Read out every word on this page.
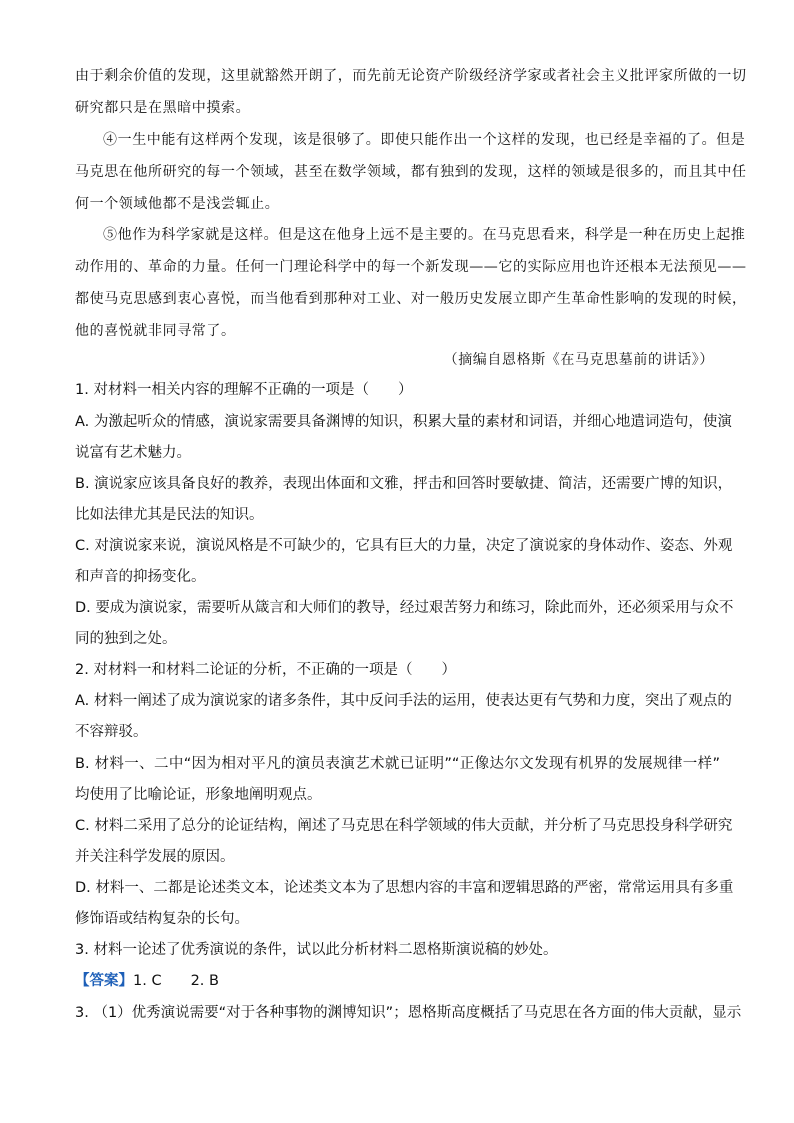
由于剩余价值的发现，这里就豁然开朗了，而先前无论资产阶级经济学家或者社会主义批评家所做的一切
研究都只是在黑暗中摸索。
④一生中能有这样两个发现，该是很够了。即使只能作出一个这样的发现，也已经是幸福的了。但是
马克思在他所研究的每一个领域，甚至在数学领域，都有独到的发现，这样的领域是很多的，而且其中任
何一个领域他都不是浅尝辄止。
⑤他作为科学家就是这样。但是这在他身上远不是主要的。在马克思看来，科学是一种在历史上起推
动作用的、革命的力量。任何一门理论科学中的每一个新发现——它的实际应用也许还根本无法预见——
都使马克思感到衷心喜悦，而当他看到那种对工业、对一般历史发展立即产生革命性影响的发现的时候，
他的喜悦就非同寻常了。
（摘编自恩格斯《在马克思墓前的讲话》）
1. 对材料一相关内容的理解不正确的一项是（　　）
A. 为激起听众的情感，演说家需要具备渊博的知识，积累大量的素材和词语，并细心地遣词造句，使演
说富有艺术魅力。
B. 演说家应该具备良好的教养，表现出体面和文雅，抨击和回答时要敏捷、简洁，还需要广博的知识，
比如法律尤其是民法的知识。
C. 对演说家来说，演说风格是不可缺少的，它具有巨大的力量，决定了演说家的身体动作、姿态、外观
和声音的抑扬变化。
D. 要成为演说家，需要听从箴言和大师们的教导，经过艰苦努力和练习，除此而外，还必须采用与众不
同的独到之处。
2. 对材料一和材料二论证的分析，不正确的一项是（　　）
A. 材料一阐述了成为演说家的诸多条件，其中反问手法的运用，使表达更有气势和力度，突出了观点的
不容辩驳。
B. 材料一、二中“因为相对平凡的演员表演艺术就已证明”“正像达尔文发现有机界的发展规律一样”
均使用了比喻论证，形象地阐明观点。
C. 材料二采用了总分的论证结构，阐述了马克思在科学领域的伟大贡献，并分析了马克思投身科学研究
并关注科学发展的原因。
D. 材料一、二都是论述类文本，论述类文本为了思想内容的丰富和逻辑思路的严密，常常运用具有多重
修饰语或结构复杂的长句。
3. 材料一论述了优秀演说的条件，试以此分析材料二恩格斯演说稿的妙处。
【答案】1. C　　2. B
3. （1）优秀演说需要“对于各种事物的渊博知识”；恩格斯高度概括了马克思在各方面的伟大贡献，显示
